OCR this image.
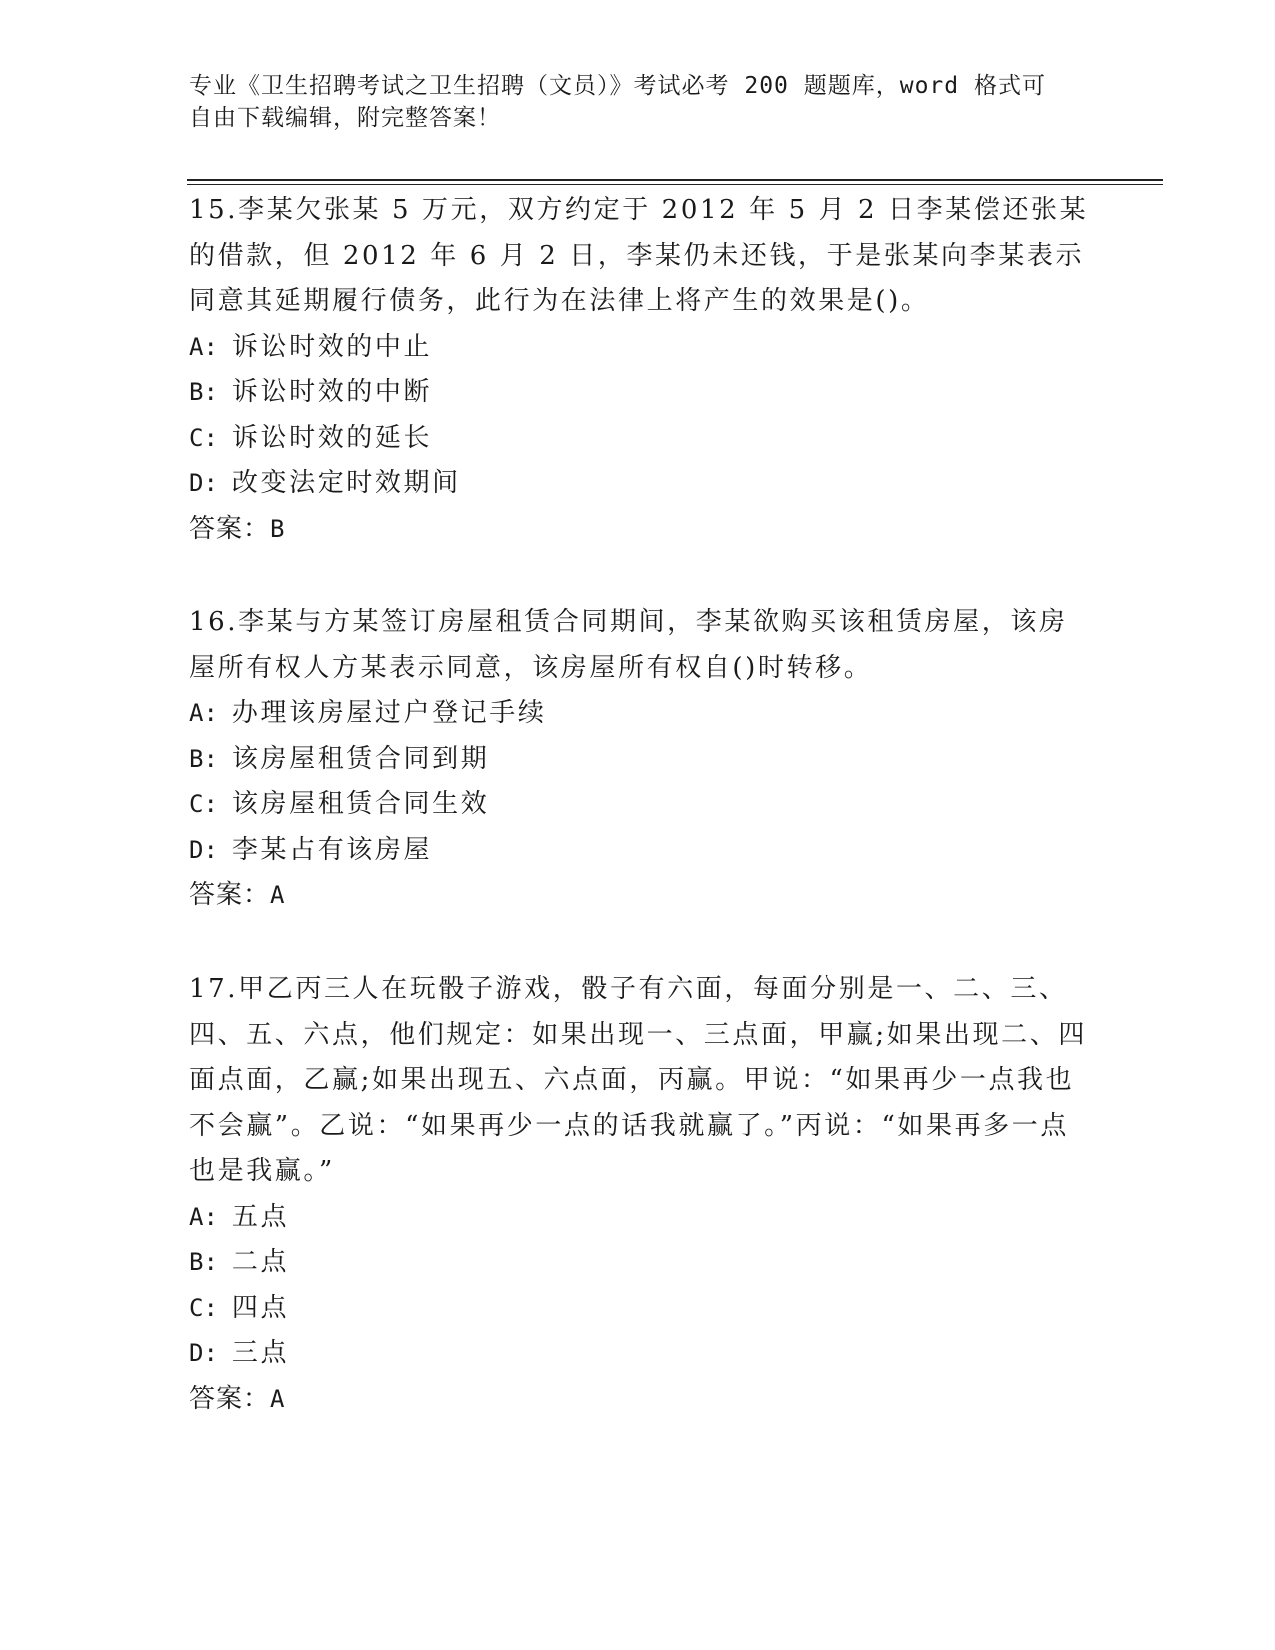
专业《卫生招聘考试之卫生招聘（文员）》考试必考 200 题题库，word 格式可自由下载编辑，附完整答案！

15.李某欠张某 5 万元，双方约定于 2012 年 5 月 2 日李某偿还张某的借款，但 2012 年 6 月 2 日，李某仍未还钱，于是张某向李某表示同意其延期履行债务，此行为在法律上将产生的效果是()。

A: 诉讼时效的中止

B: 诉讼时效的中断

C: 诉讼时效的延长

D: 改变法定时效期间

答案：B

16.李某与方某签订房屋租赁合同期间，李某欲购买该租赁房屋，该房屋所有权人方某表示同意，该房屋所有权自()时转移。

A: 办理该房屋过户登记手续

B: 该房屋租赁合同到期

C: 该房屋租赁合同生效

D: 李某占有该房屋

答案：A

17.甲乙丙三人在玩骰子游戏，骰子有六面，每面分别是一、二、三、四、五、六点，他们规定：如果出现一、三点面，甲赢;如果出现二、四面点面，乙赢;如果出现五、六点面，丙赢。甲说：“如果再少一点我也不会赢”。乙说：“如果再少一点的话我就赢了。”丙说：“如果再多一点也是我赢。”

A: 五点

B: 二点

C: 四点

D: 三点

答案：A
